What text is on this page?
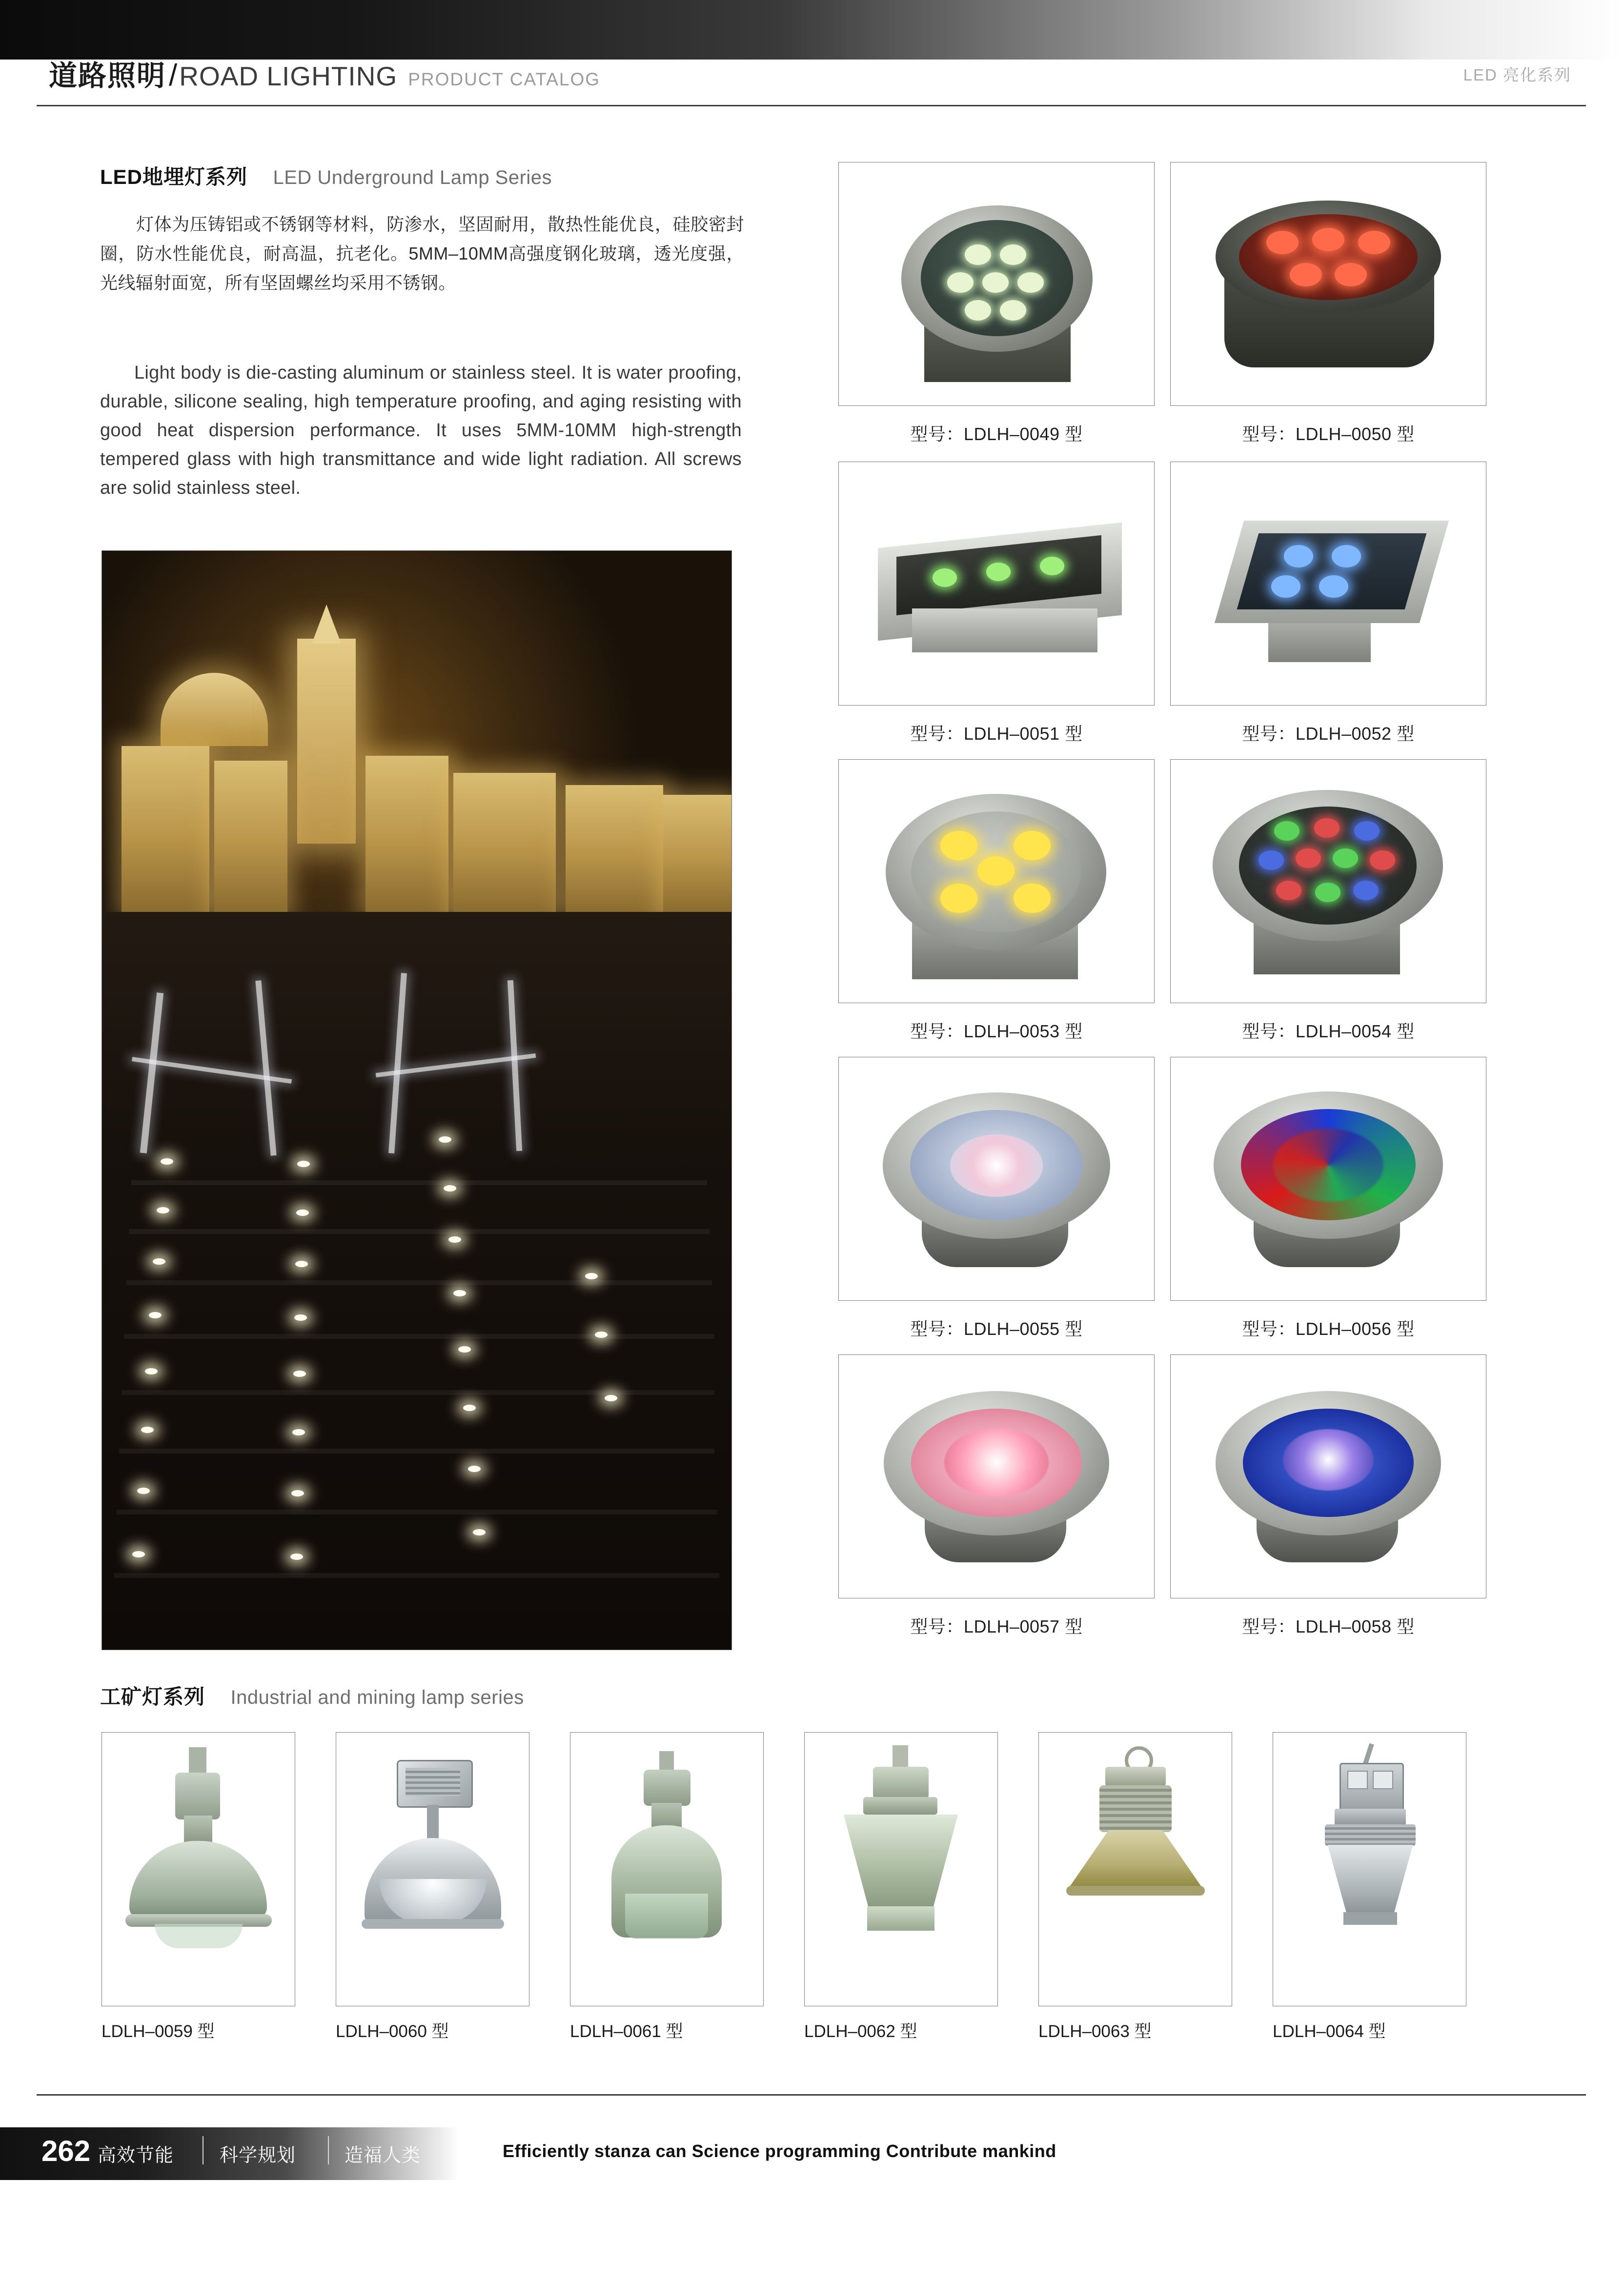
道路照明 / ROAD LIGHTING PRODUCT CATALOG	LED 亮化系列
LED地埋灯系列 LED Underground Lamp Series
灯体为压铸铝或不锈钢等材料，防渗水，坚固耐用，散热性能优良，硅胶密封圈，防水性能优良，耐高温，抗老化。5MM–10MM高强度钢化玻璃，透光度强，光线辐射面宽，所有坚固螺丝均采用不锈钢。
Light body is die-casting aluminum or stainless steel. It is water proofing, durable, silicone sealing, high temperature proofing, and aging resisting with good heat dispersion performance. It uses 5MM-10MM high-strength tempered glass with high transmittance and wide light radiation. All screws are solid stainless steel.
型号：LDLH–0049 型	型号：LDLH–0050 型
型号：LDLH–0051 型	型号：LDLH–0052 型
型号：LDLH–0053 型	型号：LDLH–0054 型
型号：LDLH–0055 型	型号：LDLH–0056 型
型号：LDLH–0057 型	型号：LDLH–0058 型
工矿灯系列 Industrial and mining lamp series
LDLH–0059 型	LDLH–0060 型	LDLH–0061 型	LDLH–0062 型	LDLH–0063 型	LDLH–0064 型
262 高效节能 科学规划	造福人类	Efficiently stanza can Science programming Contribute mankind
